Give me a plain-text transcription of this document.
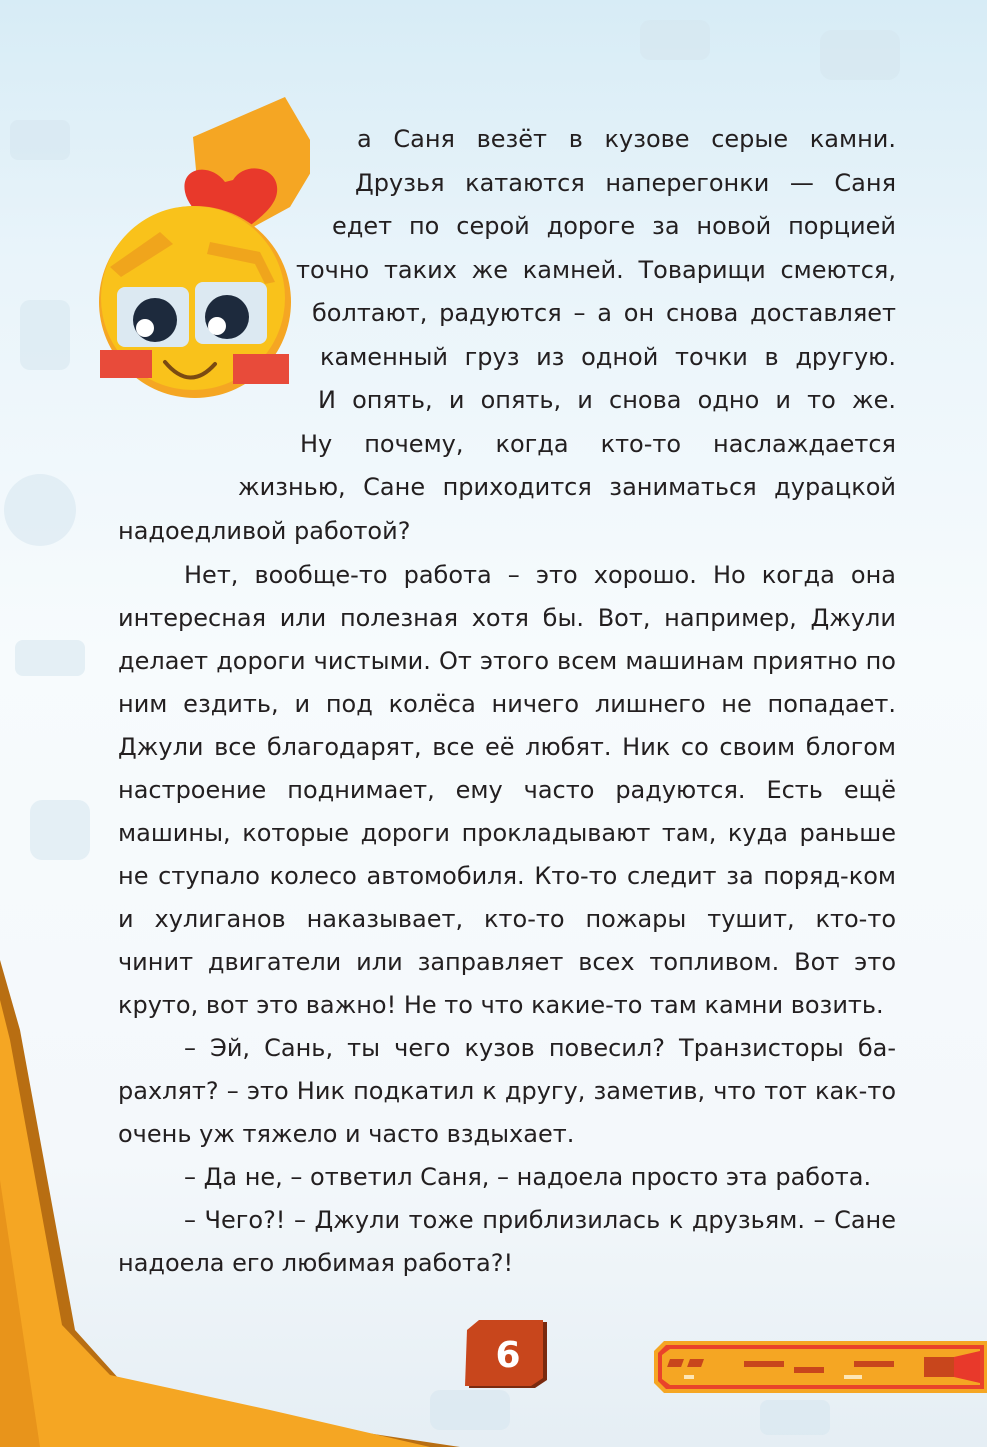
а Саня везёт в кузове серые камни.
Друзья катаются наперегонки — Саня
едет по серой дороге за новой порцией
точно таких же камней. Товарищи смеются,
болтают, радуются – а он снова доставляет
каменный груз из одной точки в другую.
И опять, и опять, и снова одно и то же.
Ну почему, когда кто-то наслаждается
жизнью, Сане приходится заниматься дурацкой
надоедливой работой?

Нет, вообще-то работа – это хорошо. Но когда она интересная или полезная хотя бы. Вот, например, Джули делает дороги чистыми. От этого всем машинам приятно по ним ездить, и под колёса ничего лишнего не попадает. Джули все благодарят, все её любят. Ник со своим блогом настроение поднимает, ему часто радуются. Есть ещё машины, которые дороги прокладывают там, куда раньше не ступало колесо автомобиля. Кто-то следит за поряд-ком и хулиганов наказывает, кто-то пожары тушит, кто-то чинит двигатели или заправляет всех топливом. Вот это круто, вот это важно! Не то что какие-то там камни возить.

– Эй, Сань, ты чего кузов повесил? Транзисторы ба-рахлят? – это Ник подкатил к другу, заметив, что тот как-то очень уж тяжело и часто вздыхает.

– Да не, – ответил Саня, – надоела просто эта работа.

– Чего?! – Джули тоже приблизилась к друзьям. – Сане надоела его любимая работа?!

6
